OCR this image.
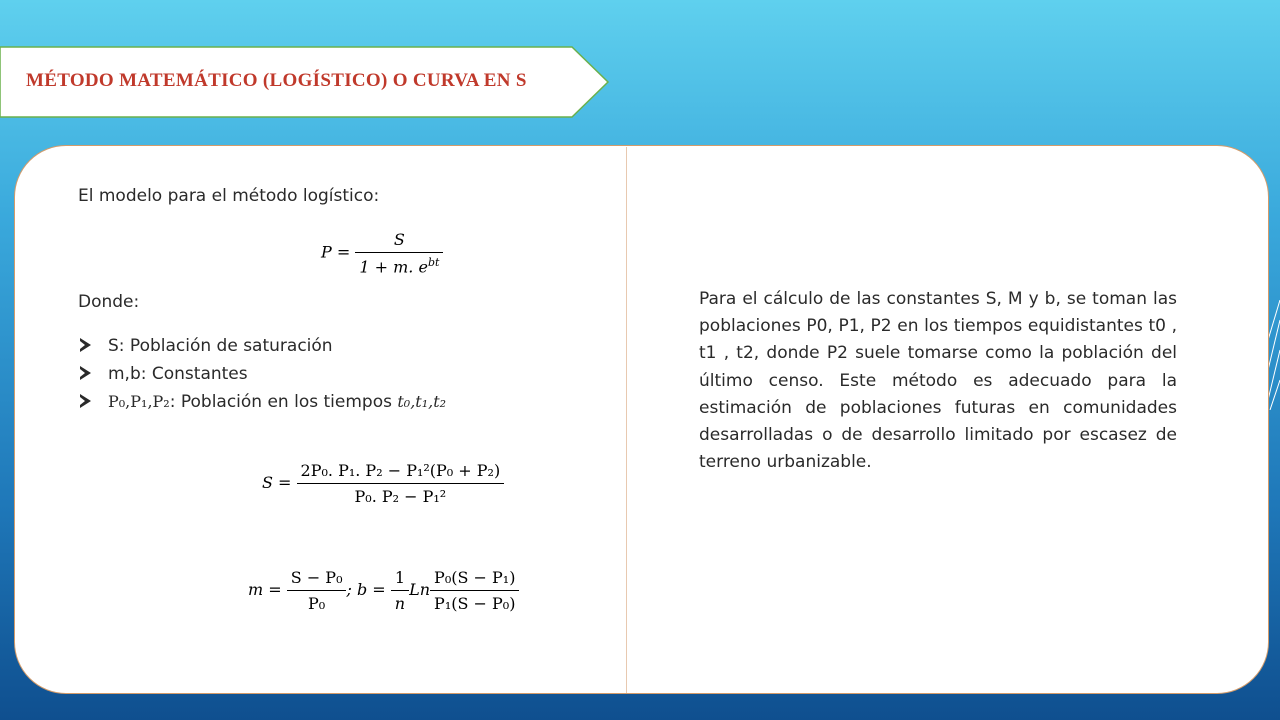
MÉTODO MATEMÁTICO (LOGÍSTICO) O CURVA EN S

El modelo para el método logístico:

$P = \frac{S}{1 + m. e^{bt}}$

Donde:

S: Población de saturación
m,b: Constantes
P₀,P₁,P₂: Población en los tiempos t₀,t₁,t₂
$S = \frac{\text{2P₀. P₁. P₂ − P₁²(P₀ + P₂)}}{\text{P₀. P₂ − P₁²}}$
$m = \frac{\text{S − P₀}}{\text{P₀}}$ ; $b = \frac{1}{n}$ Ln $\frac{\text{P₀(S − P₁)}}{\text{P₁(S − P₀)}}$

Para el cálculo de las constantes S, M y b, se toman las poblaciones P0, P1, P2 en los tiempos equidistantes t0 , t1 , t2, donde P2 suele tomarse como la población del último censo. Este método es adecuado para la estimación de poblaciones futuras en comunidades desarrolladas o de desarrollo limitado por escasez de terreno urbanizable.
